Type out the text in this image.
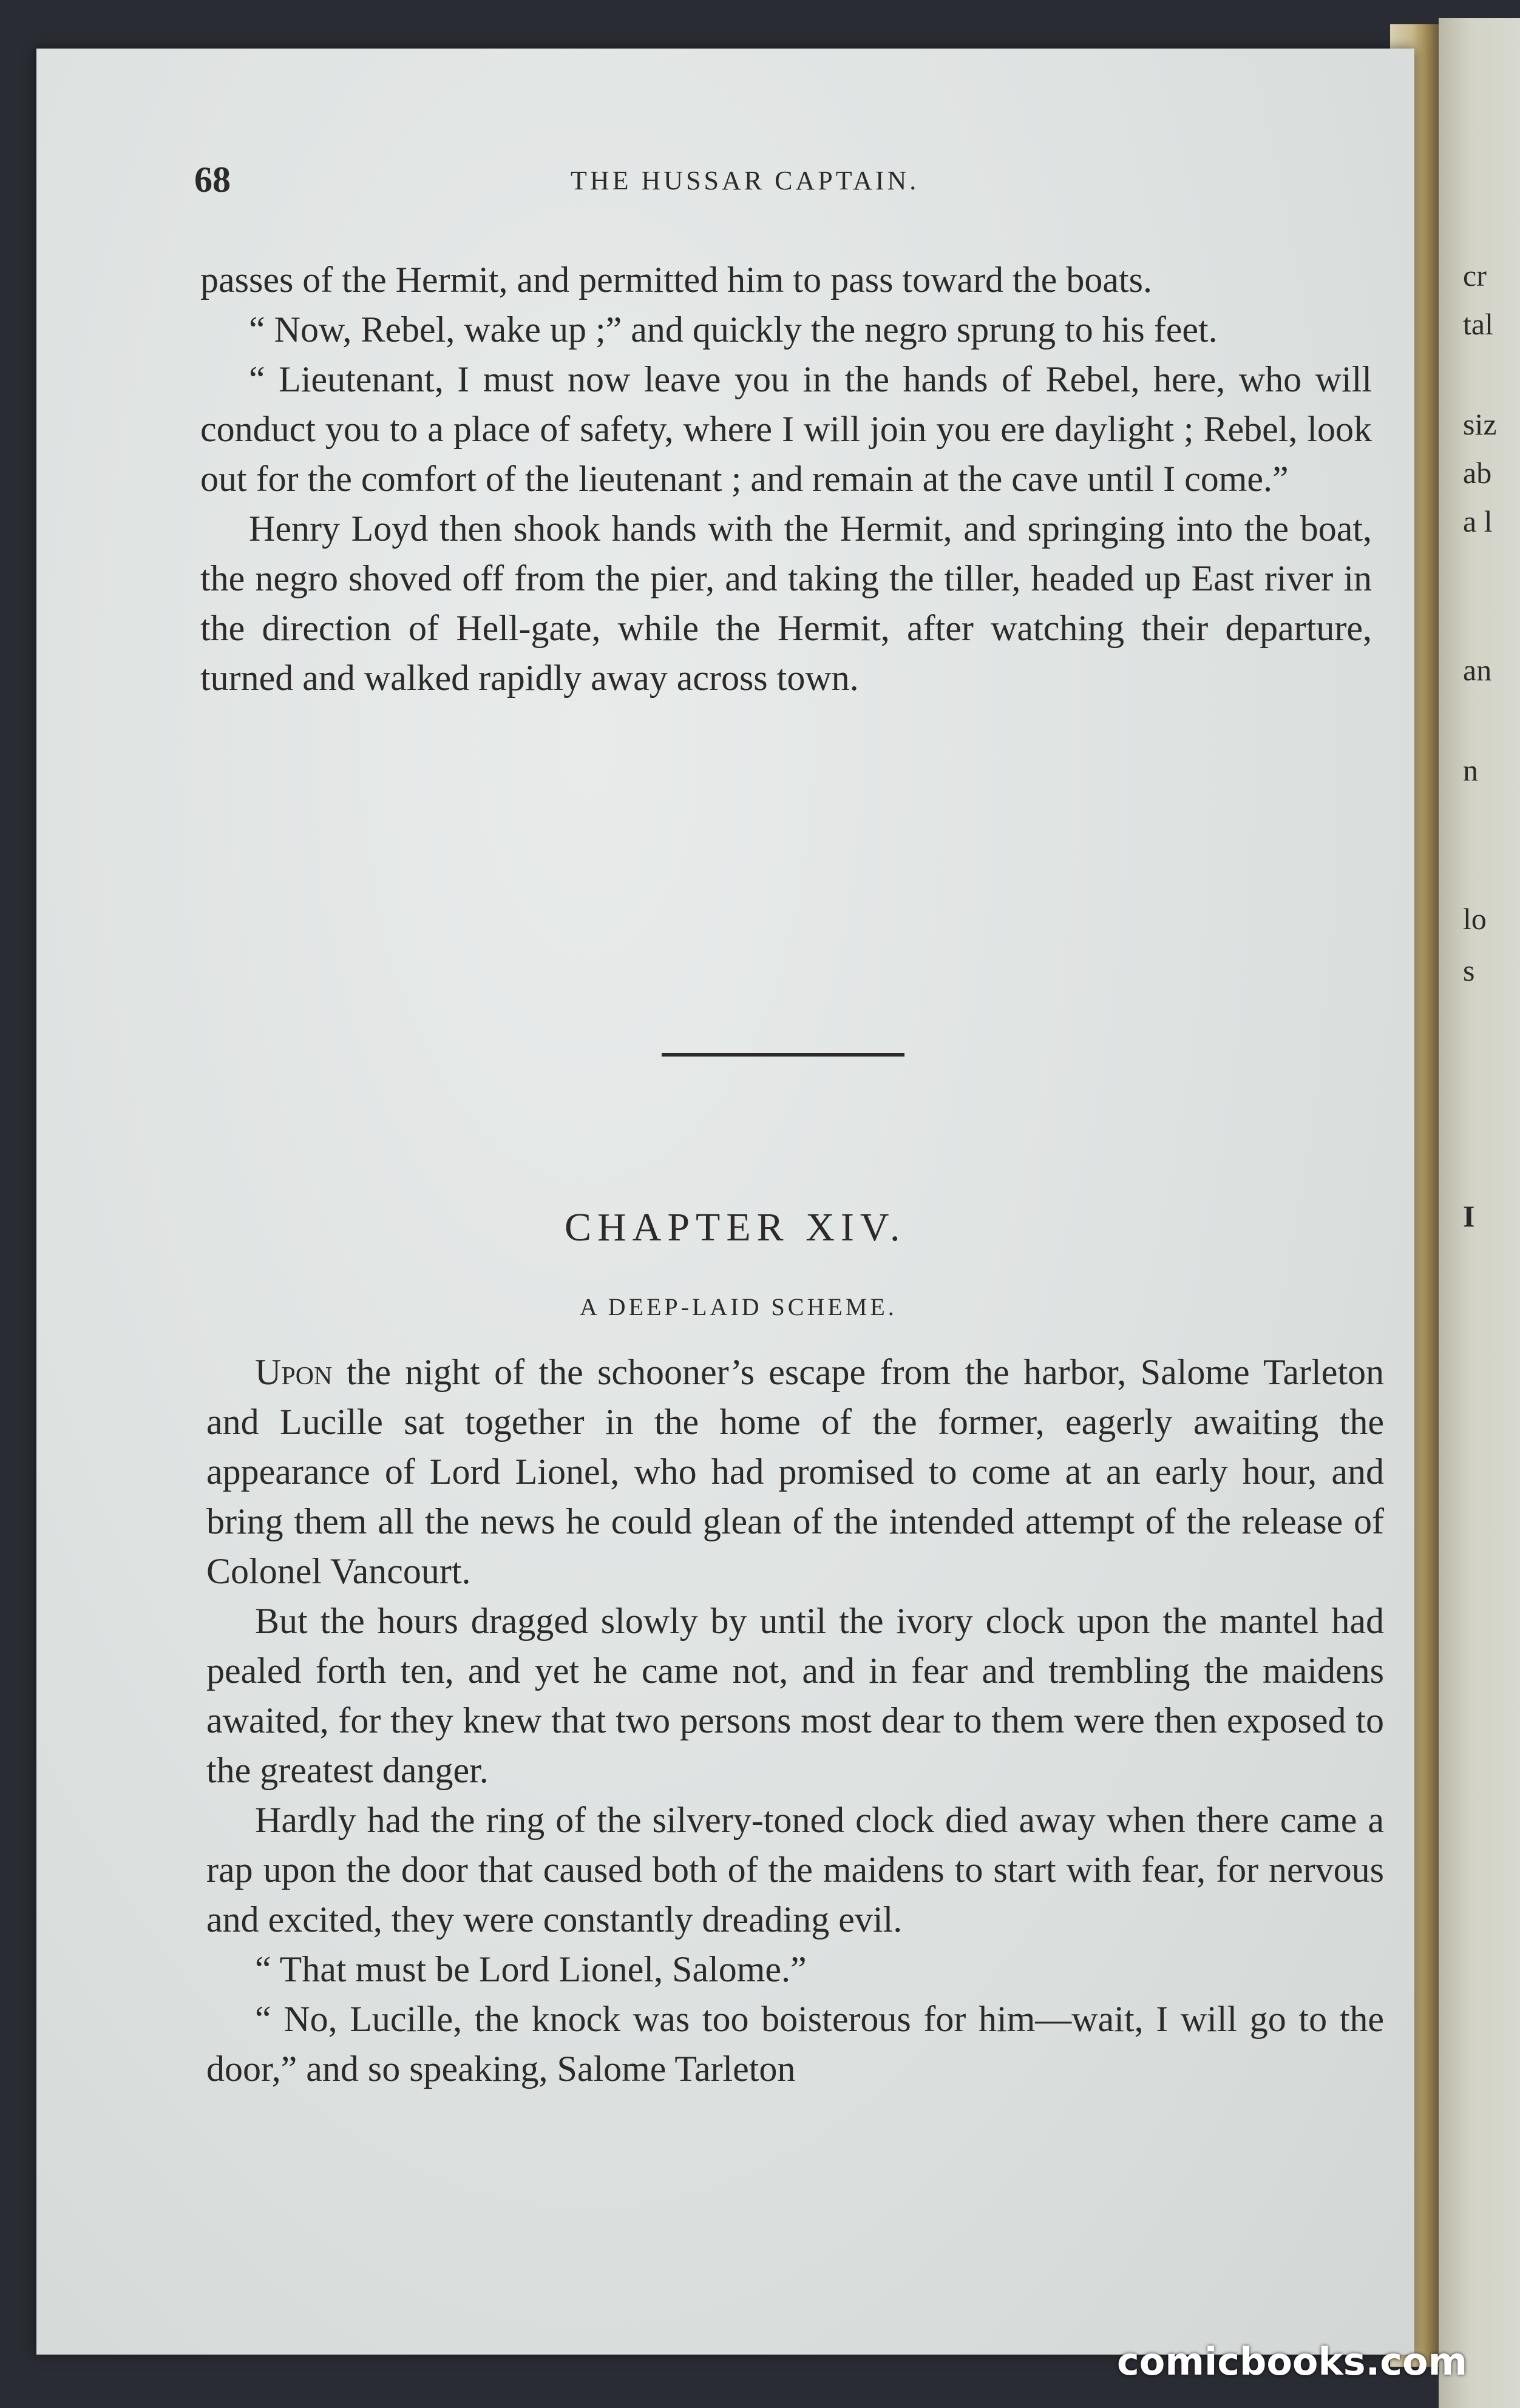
cr
tal
siz
ab
a l
an
n
lo
s
I
68	THE HUSSAR CAPTAIN.

passes of the Hermit, and permitted him to pass toward the boats.

“ Now, Rebel, wake up ;” and quickly the negro sprung to his feet.

“ Lieutenant, I must now leave you in the hands of Rebel, here, who will conduct you to a place of safety, where I will join you ere daylight ; Rebel, look out for the comfort of the lieutenant ; and remain at the cave until I come.”

Henry Loyd then shook hands with the Hermit, and springing into the boat, the negro shoved off from the pier, and taking the tiller, headed up East river in the direction of Hell-gate, while the Hermit, after watching their departure, turned and walked rapidly away across town.

CHAPTER XIV.
A DEEP-LAID SCHEME.

Upon the night of the schooner’s escape from the harbor, Salome Tarleton and Lucille sat together in the home of the former, eagerly awaiting the appearance of Lord Lionel, who had promised to come at an early hour, and bring them all the news he could glean of the intended attempt of the release of Colonel Vancourt.

But the hours dragged slowly by until the ivory clock upon the mantel had pealed forth ten, and yet he came not, and in fear and trembling the maidens awaited, for they knew that two persons most dear to them were then exposed to the greatest danger.

Hardly had the ring of the silvery-toned clock died away when there came a rap upon the door that caused both of the maidens to start with fear, for nervous and excited, they were constantly dreading evil.

“ That must be Lord Lionel, Salome.”

“ No, Lucille, the knock was too boisterous for him—wait, I will go to the door,” and so speaking, Salome Tarleton

comicbooks.com
